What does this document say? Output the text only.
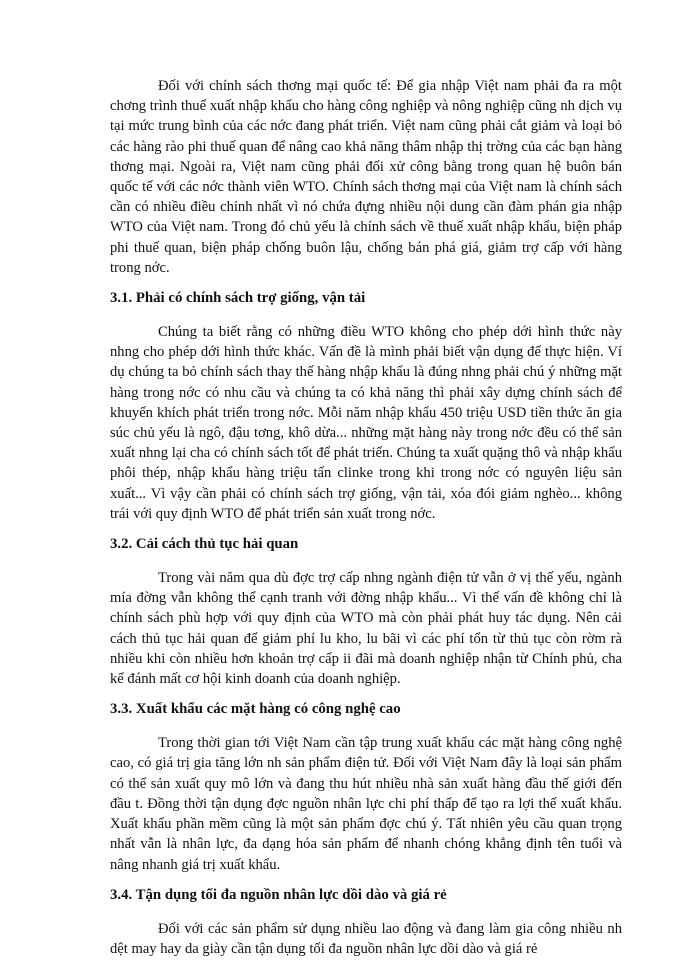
Đối với chính sách thơng mại quốc tế: Để gia nhập Việt nam phải đa ra một chơng trình thuế xuất nhập khẩu cho hàng công nghiệp và nông nghiệp cũng nh dịch vụ tại mức trung bình của các nớc đang phát triển. Việt nam cũng phải cắt giảm và loại bỏ các hàng rào phi thuế quan để nâng cao khả năng thâm nhập thị trờng của các bạn hàng thơng mại. Ngoài ra, Việt nam cũng phải đối xử công bằng trong quan hệ buôn bán quốc tế với các nớc thành viên WTO. Chính sách thơng mại của Việt nam là chính sách cần có nhiều điều chỉnh nhất vì nó chứa đựng nhiều nội dung cần đàm phán gia nhập WTO của Việt nam. Trong đó chủ yếu là chính sách về thuế xuất nhập khẩu, biện pháp phi thuế quan, biện pháp chống buôn lậu, chống bán phá giá, giảm trợ cấp với hàng trong nớc.

3.1. Phải có chính sách trợ giống, vận tải

Chúng ta biết rằng có những điều WTO không cho phép dới hình thức này nhng cho phép dới hình thức khác. Vấn đề là mình phải biết vận dụng để thực hiện. Ví dụ chúng ta bỏ chính sách thay thế hàng nhập khẩu là đúng nhng phải chú ý những mặt hàng trong nớc có nhu cầu và chúng ta có khả năng thì phải xây dựng chính sách để khuyến khích phát triển trong nớc. Mỗi năm nhập khẩu 450 triệu USD tiền thức ăn gia súc chủ yếu là ngô, đậu tơng, khô dừa... những mặt hàng này trong nớc đều có thể sản xuất nhng lại cha có chính sách tốt để phát triển. Chúng ta xuất quặng thô và nhập khẩu phôi thép, nhập khẩu hàng triệu tấn clinke trong khi trong nớc có nguyên liệu sản xuất... Vì vậy cần phải có chính sách trợ giống, vận tải, xóa đói giảm nghèo... không trái với quy định WTO để phát triển sản xuất trong nớc.

3.2. Cải cách thủ tục hải quan

Trong vài năm qua dù đợc trợ cấp nhng ngành điện tử vẫn ở vị thế yếu, ngành mía đờng vẫn không thể cạnh tranh với đờng nhập khẩu... Vì thế vấn đề không chỉ là chính sách phù hợp với quy định của WTO mà còn phải phát huy tác dụng. Nên cải cách thủ tục hải quan để giảm phí lu kho, lu bãi vì các phí tổn từ thủ tục còn rờm rà nhiều khi còn nhiều hơn khoản trợ cấp ii đãi mà doanh nghiệp nhận từ Chính phủ, cha kể đánh mất cơ hội kinh doanh của doanh nghiệp.

3.3. Xuất khẩu các mặt hàng có công nghệ cao

Trong thời gian tới Việt Nam cần tập trung xuất khẩu các mặt hàng công nghệ cao, có giá trị gia tăng lớn nh sản phẩm điện tử. Đối với Việt Nam đây là loại sản phẩm có thể sản xuất quy mô lớn và đang thu hút nhiều nhà sản xuất hàng đầu thế giới đến đầu t. Đồng thời tận dụng đợc nguồn nhân lực chi phí thấp để tạo ra lợi thế xuất khẩu. Xuất khẩu phần mềm cũng là một sản phẩm đợc chú ý. Tất nhiên yêu cầu quan trọng nhất vẫn là nhân lực, đa dạng hóa sản phẩm để nhanh chóng khẳng định tên tuổi và nâng nhanh giá trị xuất khẩu.

3.4. Tận dụng tối đa nguồn nhân lực dồi dào và giá rẻ

Đối với các sản phẩm sử dụng nhiều lao động và đang làm gia công nhiều nh dệt may hay da giày cần tận dụng tối đa nguồn nhân lực dồi dào và giá rẻ
